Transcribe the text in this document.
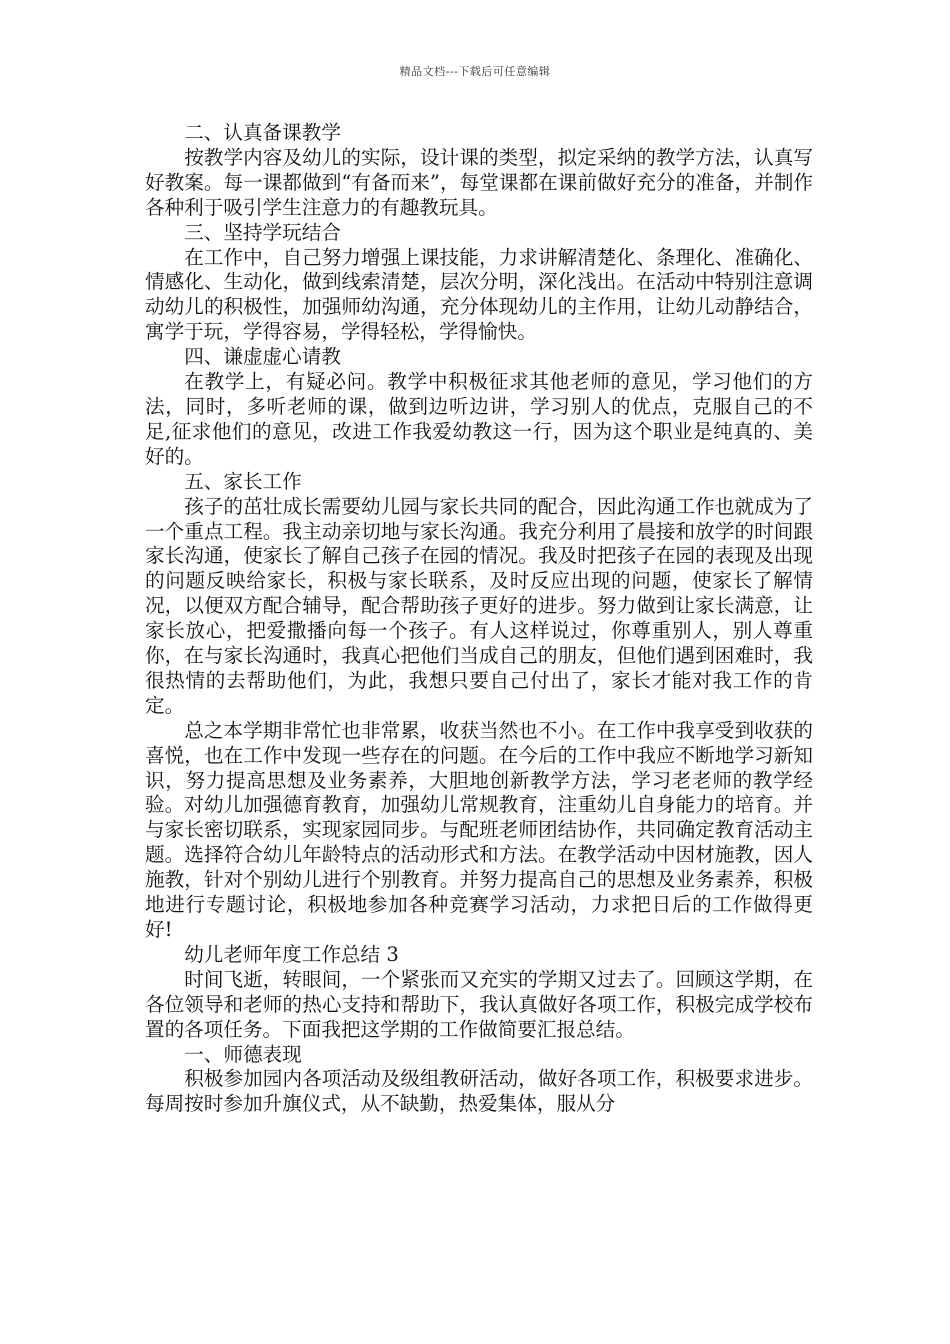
精品文档---下载后可任意编辑

二、认真备课教学

按教学内容及幼儿的实际，设计课的类型，拟定采纳的教学方法，认真写好教案。每一课都做到“有备而来”，每堂课都在课前做好充分的准备，并制作各种利于吸引学生注意力的有趣教玩具。

三、坚持学玩结合

在工作中，自己努力增强上课技能，力求讲解清楚化、条理化、准确化、情感化、生动化，做到线索清楚，层次分明，深化浅出。在活动中特别注意调动幼儿的积极性，加强师幼沟通，充分体现幼儿的主作用，让幼儿动静结合，寓学于玩，学得容易，学得轻松，学得愉快。

四、谦虚虚心请教

在教学上，有疑必问。教学中积极征求其他老师的意见，学习他们的方法，同时，多听老师的课，做到边听边讲，学习别人的优点，克服自己的不足,征求他们的意见，改进工作我爱幼教这一行，因为这个职业是纯真的、美好的。

五、家长工作

孩子的茁壮成长需要幼儿园与家长共同的配合，因此沟通工作也就成为了一个重点工程。我主动亲切地与家长沟通。我充分利用了晨接和放学的时间跟家长沟通，使家长了解自己孩子在园的情况。我及时把孩子在园的表现及出现的问题反映给家长，积极与家长联系，及时反应出现的问题，使家长了解情况，以便双方配合辅导，配合帮助孩子更好的进步。努力做到让家长满意，让家长放心，把爱撒播向每一个孩子。有人这样说过，你尊重别人，别人尊重你，在与家长沟通时，我真心把他们当成自己的朋友，但他们遇到困难时，我很热情的去帮助他们，为此，我想只要自己付出了，家长才能对我工作的肯定。

总之本学期非常忙也非常累，收获当然也不小。在工作中我享受到收获的喜悦，也在工作中发现一些存在的问题。在今后的工作中我应不断地学习新知识，努力提高思想及业务素养，大胆地创新教学方法，学习老老师的教学经验。对幼儿加强德育教育，加强幼儿常规教育，注重幼儿自身能力的培育。并与家长密切联系，实现家园同步。与配班老师团结协作，共同确定教育活动主题。选择符合幼儿年龄特点的活动形式和方法。在教学活动中因材施教，因人施教，针对个别幼儿进行个别教育。并努力提高自己的思想及业务素养，积极地进行专题讨论，积极地参加各种竞赛学习活动，力求把日后的工作做得更好!

幼儿老师年度工作总结 3

时间飞逝，转眼间，一个紧张而又充实的学期又过去了。回顾这学期，在各位领导和老师的热心支持和帮助下，我认真做好各项工作，积极完成学校布置的各项任务。下面我把这学期的工作做简要汇报总结。

一、师德表现

积极参加园内各项活动及级组教研活动，做好各项工作，积极要求进步。每周按时参加升旗仪式，从不缺勤，热爱集体，服从分
